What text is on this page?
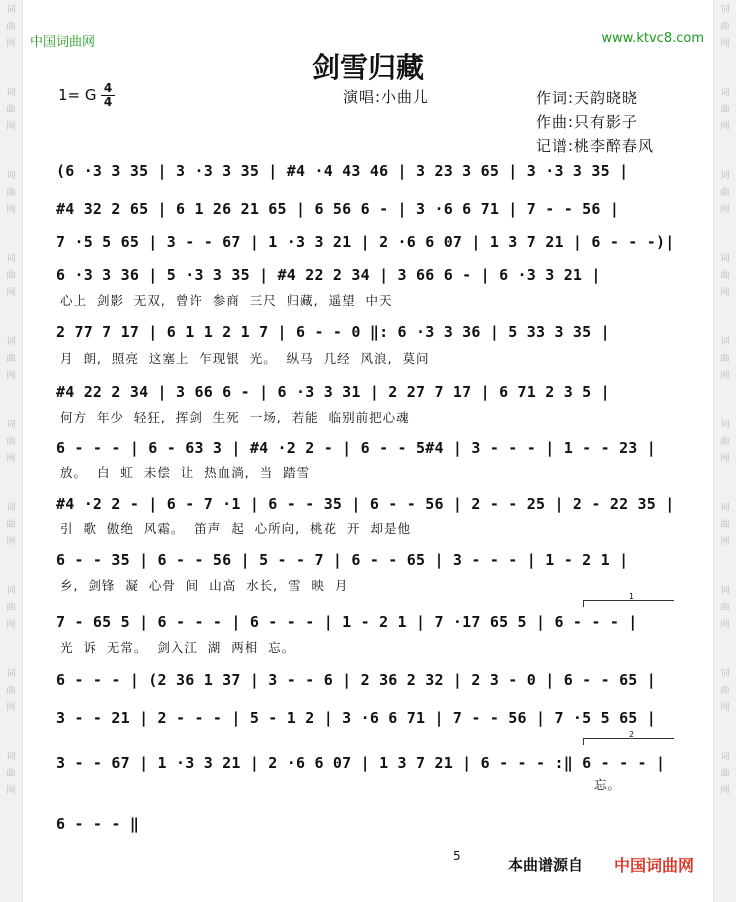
词
曲
网
词
曲
网
词
曲
网
词
曲
网
词
曲
网
词
曲
网
词
曲
网
词
曲
网
词
曲
网
词
曲
网
词
曲
网
词
曲
网
词
曲
网
词
曲
网
词
曲
网
词
曲
网
词
曲
网
词
曲
网
词
曲
网
词
曲
网
中国词曲网	www.ktvc8.com
剑雪归藏
1= G 4
4	演唱:小曲儿	作词:天韵晓晓
作曲:只有影子
记谱:桃李醉春风
(6 ·3 3 35 | 3 ·3 3 35 | #4 ·4 43 46 | 3 23 3 65 | 3 ·3 3 35 |
#4 32 2 65 | 6 1 26 21 65 | 6 56 6 - | 3 ·6 6 71 | 7 - - 56 |
7 ·5 5 65 | 3 - - 67 | 1 ·3 3 21 | 2 ·6 6 07 | 1 3 7 21 | 6 - - -)|
6 ·3 3 36 | 5 ·3 3 35 | #4 22 2 34 | 3 66 6 - | 6 ·3 3 21 |
心上  剑影  无双,  曾许  参商  三尺  归藏,  遥望  中天
2 77 7 17 | 6 1 1 2 1 7 | 6 - - 0 ‖: 6 ·3 3 36 | 5 33 3 35 |
月  朗,  照亮  这塞上  乍现银  光。  纵马  几经  风浪,  莫问
#4 22 2 34 | 3 66 6 - | 6 ·3 3 31 | 2 27 7 17 | 6 71 2 3 5 |
何方  年少  轻狂,  挥剑  生死  一场,  若能  临别前把心魂
6 - - - | 6 - 63 3 | #4 ·2 2 - | 6 - - 5#4 | 3 - - - | 1 - - 23 |
放。  白  虹  未偿  让  热血淌,  当  踏雪
#4 ·2 2 - | 6 - 7 ·1 | 6 - - 35 | 6 - - 56 | 2 - - 25 | 2 - 22 35 |
引  歌  傲绝  风霜。  笛声  起  心所向,  桃花  开  却是他
6 - - 35 | 6 - - 56 | 5 - - 7 | 6 - - 65 | 3 - - - | 1 - 2 1 |
乡,  剑锋  凝  心骨  间  山高  水长,  雪  映  月
1
7 - 65 5 | 6 - - - | 6 - - - | 1 - 2 1 | 7 ·17 65 5 | 6 - - - |
光  诉  无常。  剑入江  湖  两相  忘。
6 - - - | (2 36 1 37 | 3 - - 6 | 2 36 2 32 | 2 3 - 0 | 6 - - 65 |
3 - - 21 | 2 - - - | 5 - 1 2 | 3 ·6 6 71 | 7 - - 56 | 7 ·5 5 65 |
2
3 - - 67 | 1 ·3 3 21 | 2 ·6 6 07 | 1 3 7 21 | 6 - - - :‖ 6 - - - |
忘。
6 - - - ‖
5	本曲谱源自 中国词曲网
